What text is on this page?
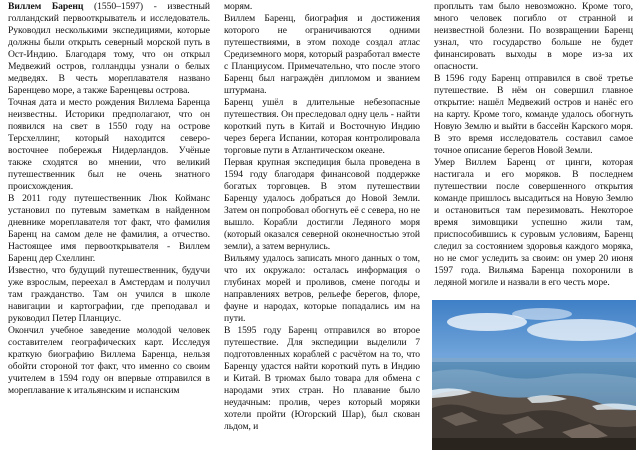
Виллем Баренц (1550–1597) - известный голландский первооткрыватель и исследователь. Руководил несколькими экспедициями, которые должны были открыть северный морской путь в Ост-Индию. Благодаря тому, что он открыл Медвежий остров, голландцы узнали о белых медведях. В честь мореплавателя названо Баренцево море, а также Баренцевы острова.

Точная дата и место рождения Виллема Баренца неизвестны. Историки предполагают, что он появился на свет в 1550 году на острове Терсхеллинг, который находится северо-восточнее побережья Нидерландов. Учёные также сходятся во мнении, что великий путешественник был не очень знатного происхождения.

В 2011 году путешественник Люк Койманс установил по путевым заметкам в найденном дневнике мореплавателя тот факт, что фамилия Баренц на самом деле не фамилия, а отчество. Настоящее имя первооткрывателя - Виллем Баренц дер Схеллинг.

Известно, что будущий путешественник, будучи уже взрослым, переехал в Амстердам и получил там гражданство. Там он учился в школе навигации и картографии, где преподавал и руководил Петер Планциус.

Окончил учебное заведение молодой человек составителем географических карт. Исследуя краткую биографию Виллема Баренца, нельзя обойти стороной тот факт, что именно со своим учителем в 1594 году он впервые отправился в мореплавание к итальянским и испанским

морям.

Виллем Баренц, биография и достижения которого не ограничиваются одними путешествиями, в этом походе создал атлас Средиземного моря, который разработал вместе с Планциусом. Примечательно, что после этого Баренц был награждён дипломом и званием штурмана.

Баренц ушёл в длительные небезопасные путешествия. Он преследовал одну цель - найти короткий путь в Китай и Восточную Индию через берега Испании, которая контролировала торговые пути в Атлантическом океане.

Первая крупная экспедиция была проведена в 1594 году благодаря финансовой поддержке богатых торговцев. В этом путешествии Баренцу удалось добраться до Новой Земли. Затем он попробовал обогнуть её с севера, но не вышло. Корабли достигли Ледяного моря (который оказался северной оконечностью этой земли), а затем вернулись.

Вильяму удалось записать много данных о том, что их окружало: осталась информация о глубинах морей и проливов, смене погоды и направлениях ветров, рельефе берегов, флоре, фауне и народах, которые попадались им на пути.

В 1595 году Баренц отправился во второе путешествие. Для экспедиции выделили 7 подготовленных кораблей с расчётом на то, что Баренцу удастся найти короткий путь в Индию и Китай. В трюмах было товара для обмена с народами этих стран. Но плавание было неудачным: пролив, через который моряки хотели пройти (Югорский Шар), был скован льдом, и

проплыть там было невозможно. Кроме того, много человек погибло от странной и неизвестной болезни. По возвращении Баренц узнал, что государство больше не будет финансировать выходы в море из-за их опасности.

В 1596 году Баренц отправился в своё третье путешествие. В нём он совершил главное открытие: нашёл Медвежий остров и нанёс его на карту. Кроме того, команде удалось обогнуть Новую Землю и выйти в бассейн Карского моря. В это время исследователь составил самое точное описание берегов Новой Земли.

Умер Виллем Баренц от цинги, которая настигала и его моряков. В последнем путешествии после совершенного открытия команде пришлось высадиться на Новую Землю и остановиться там перезимовать. Некоторое время зимовщики успешно жили там, приспособившись к суровым условиям, Баренц следил за состоянием здоровья каждого моряка, но не смог уследить за своим: он умер 20 июня 1597 года. Вильяма Баренца похоронили в ледяной могиле и назвали в его честь море.
